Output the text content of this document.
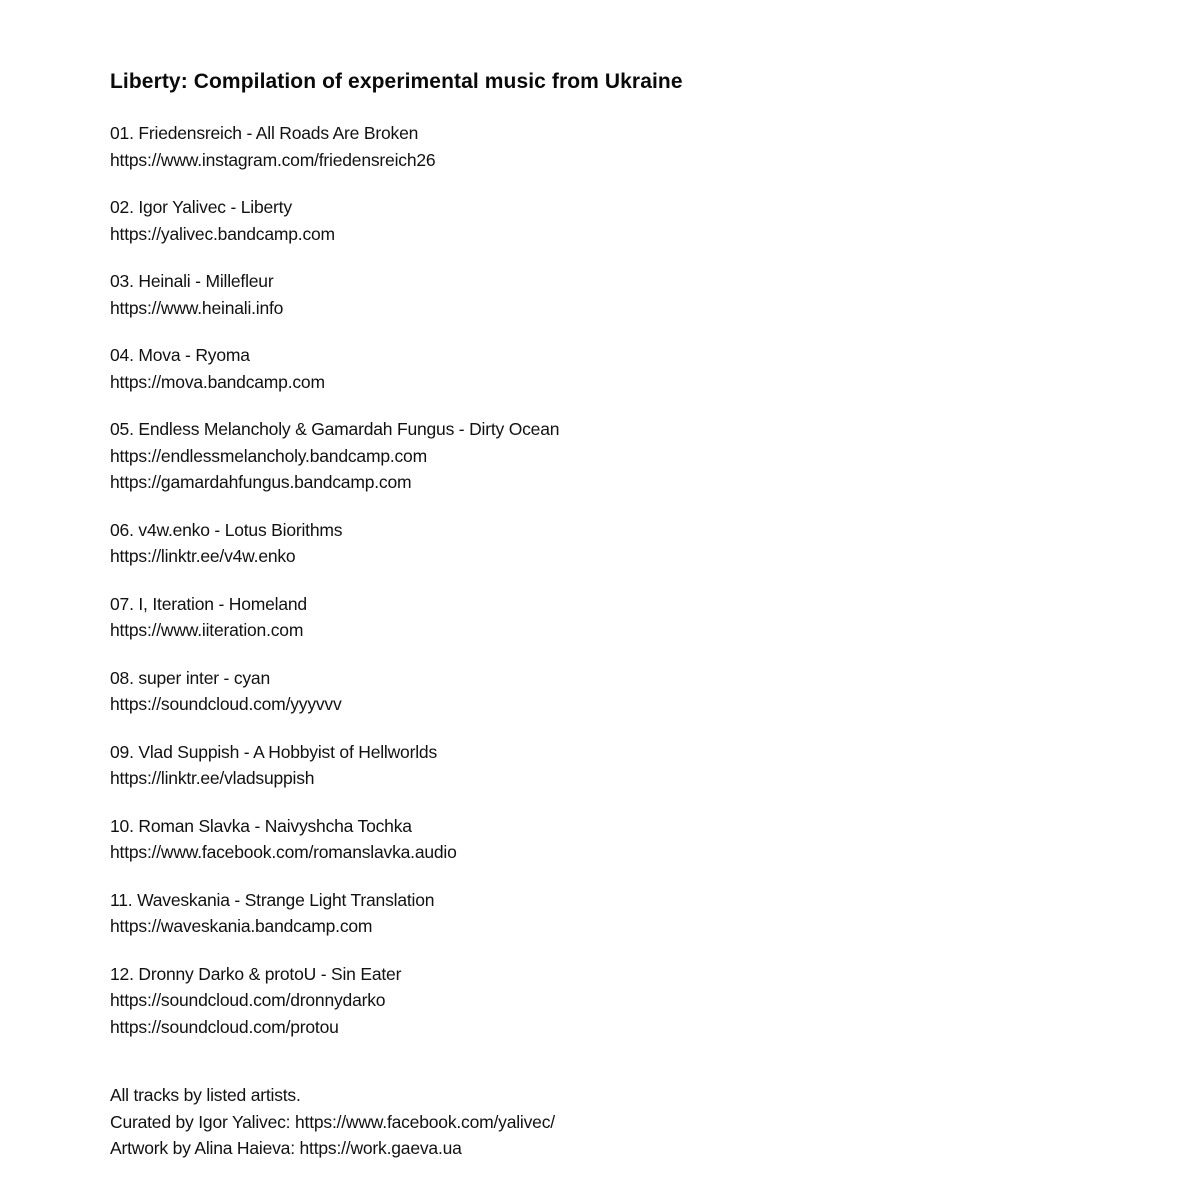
Liberty: Compilation of experimental music from Ukraine
01. Friedensreich - All Roads Are Broken
https://www.instagram.com/friedensreich26
02. Igor Yalivec - Liberty
https://yalivec.bandcamp.com
03. Heinali - Millefleur
https://www.heinali.info
04. Mova - Ryoma
https://mova.bandcamp.com
05. Endless Melancholy & Gamardah Fungus - Dirty Ocean
https://endlessmelancholy.bandcamp.com
https://gamardahfungus.bandcamp.com
06. v4w.enko - Lotus Biorithms
https://linktr.ee/v4w.enko
07. I, Iteration - Homeland
https://www.iiteration.com
08. super inter - cyan
https://soundcloud.com/yyyvvv
09. Vlad Suppish - A Hobbyist of Hellworlds
https://linktr.ee/vladsuppish
10. Roman Slavka - Naivyshcha Tochka
https://www.facebook.com/romanslavka.audio
11. Waveskania - Strange Light Translation
https://waveskania.bandcamp.com
12. Dronny Darko & protoU - Sin Eater
https://soundcloud.com/dronnydarko
https://soundcloud.com/protou
All tracks by listed artists.
Curated by Igor Yalivec: https://www.facebook.com/yalivec/
Artwork by Alina Haieva: https://work.gaeva.ua
